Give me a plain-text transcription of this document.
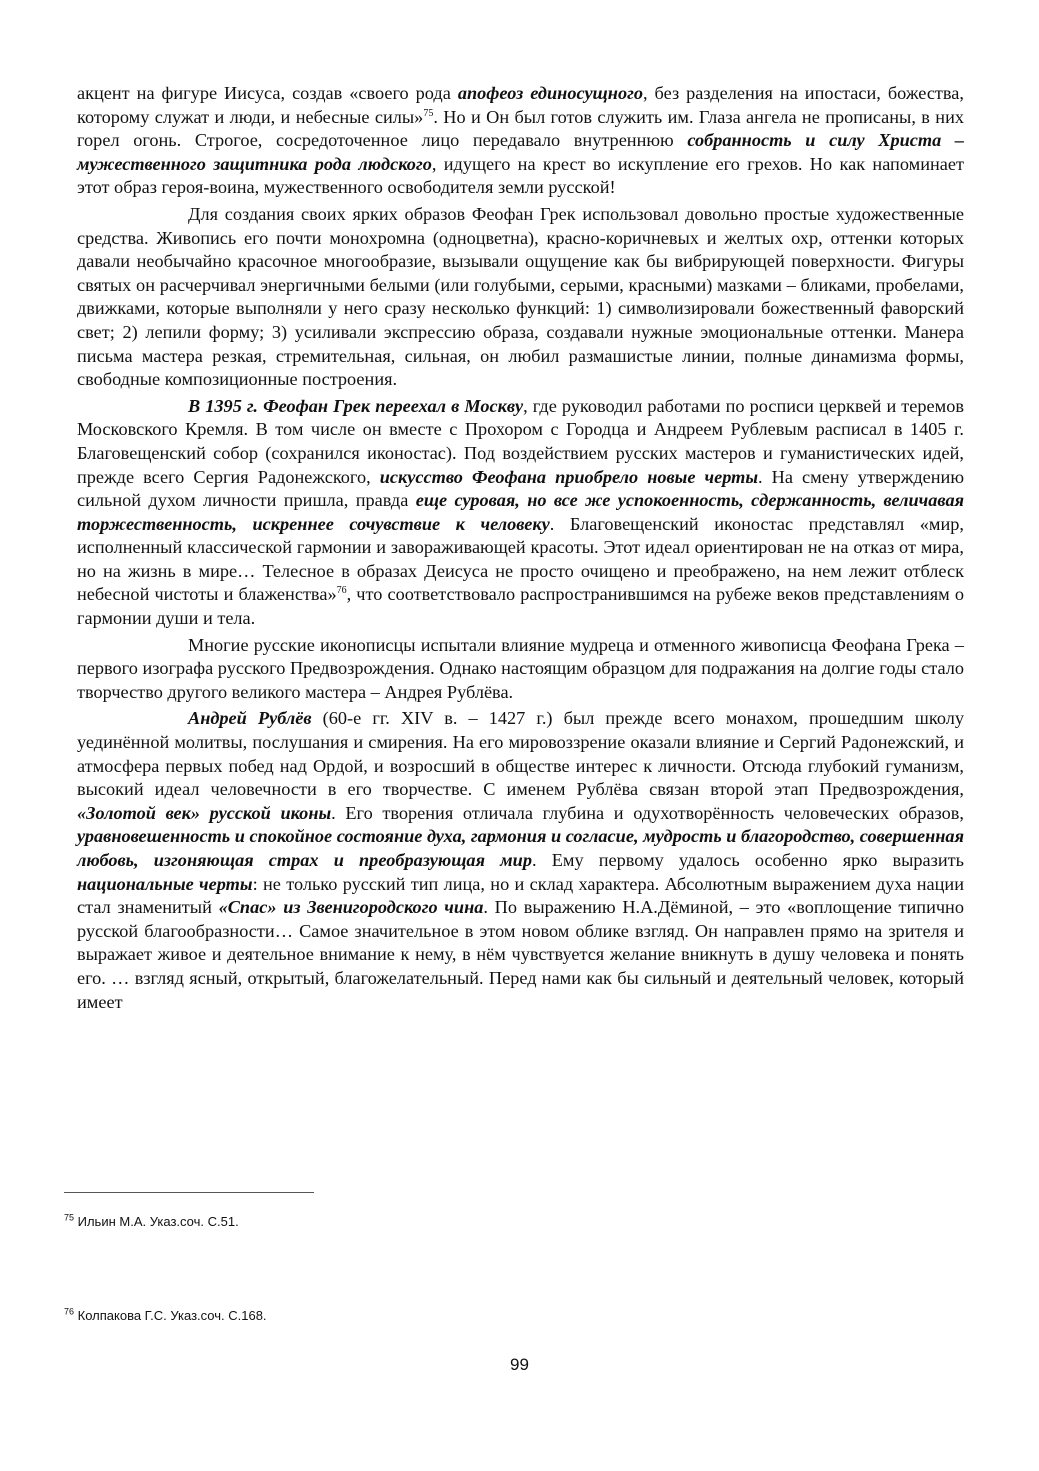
акцент на фигуре Иисуса, создав «своего рода апофеоз единосущного, без разделения на ипостаси, божества, которому служат и люди, и небесные силы»$^{75}$. Но и Он был готов служить им. Глаза ангела не прописаны, в них горел огонь. Строгое, сосредоточенное лицо передавало внутреннюю собранность и силу Христа – мужественного защитника рода людского, идущего на крест во искупление его грехов. Но как напоминает этот образ героя-воина, мужественного освободителя земли русской!

Для создания своих ярких образов Феофан Грек использовал довольно простые художественные средства. Живопись его почти монохромна (одноцветна), красно-коричневых и желтых охр, оттенки которых давали необычайно красочное многообразие, вызывали ощущение как бы вибрирующей поверхности. Фигуры святых он расчерчивал энергичными белыми (или голубыми, серыми, красными) мазками – бликами, пробелами, движками, которые выполняли у него сразу несколько функций: 1) символизировали божественный фаворский свет; 2) лепили форму; 3) усиливали экспрессию образа, создавали нужные эмоциональные оттенки. Манера письма мастера резкая, стремительная, сильная, он любил размашистые линии, полные динамизма формы, свободные композиционные построения.

В 1395 г. Феофан Грек переехал в Москву, где руководил работами по росписи церквей и теремов Московского Кремля. В том числе он вместе с Прохором с Городца и Андреем Рублевым расписал в 1405 г. Благовещенский собор (сохранился иконостас). Под воздействием русских мастеров и гуманистических идей, прежде всего Сергия Радонежского, искусство Феофана приобрело новые черты. На смену утверждению сильной духом личности пришла, правда еще суровая, но все же успокоенность, сдержанность, величавая торжественность, искреннее сочувствие к человеку. Благовещенский иконостас представлял «мир, исполненный классической гармонии и завораживающей красоты. Этот идеал ориентирован не на отказ от мира, но на жизнь в мире… Телесное в образах Деисуса не просто очищено и преображено, на нем лежит отблеск небесной чистоты и блаженства»$^{76}$, что соответствовало распространившимся на рубеже веков представлениям о гармонии души и тела.

Многие русские иконописцы испытали влияние мудреца и отменного живописца Феофана Грека – первого изографа русского Предвозрождения. Однако настоящим образцом для подражания на долгие годы стало творчество другого великого мастера – Андрея Рублёва.

Андрей Рублёв (60-е гг. XIV в. – 1427 г.) был прежде всего монахом, прошедшим школу уединённой молитвы, послушания и смирения. На его мировоззрение оказали влияние и Сергий Радонежский, и атмосфера первых побед над Ордой, и возросший в обществе интерес к личности. Отсюда глубокий гуманизм, высокий идеал человечности в его творчестве. С именем Рублёва связан второй этап Предвозрождения, «Золотой век» русской иконы. Его творения отличала глубина и одухотворённость человеческих образов, уравновешенность и спокойное состояние духа, гармония и согласие, мудрость и благородство, совершенная любовь, изгоняющая страх и преобразующая мир. Ему первому удалось особенно ярко выразить национальные черты: не только русский тип лица, но и склад характера. Абсолютным выражением духа нации стал знаменитый «Спас» из Звенигородского чина. По выражению Н.А.Дёминой, – это «воплощение типично русской благообразности… Самое значительное в этом новом облике взгляд. Он направлен прямо на зрителя и выражает живое и деятельное внимание к нему, в нём чувствуется желание вникнуть в душу человека и понять его. … взгляд ясный, открытый, благожелательный. Перед нами как бы сильный и деятельный человек, который имеет

$^{75}$ Ильин М.А. Указ.соч. С.51.
$^{76}$ Колпакова Г.С. Указ.соч. С.168.
99
